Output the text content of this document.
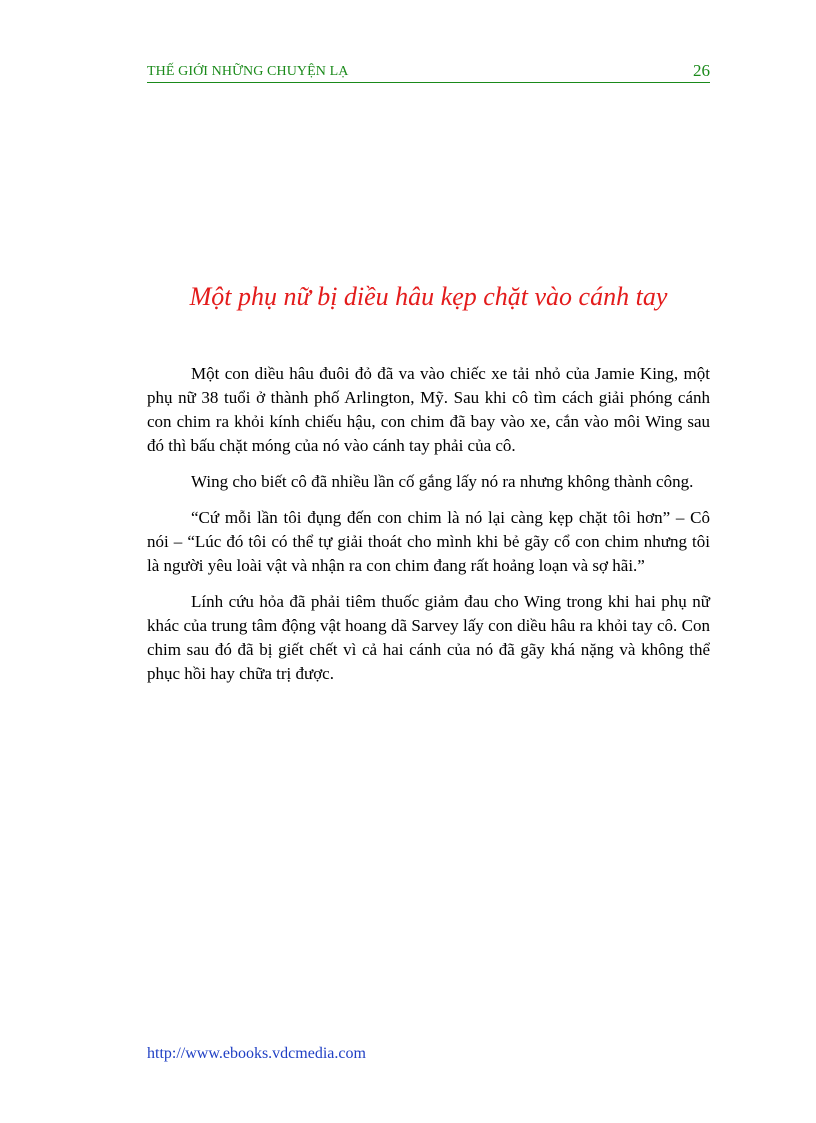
THẾ GIỚI NHỮNG CHUYỆN LẠ	26
Một phụ nữ bị diều hâu kẹp chặt vào cánh tay

Một con diều hâu đuôi đỏ đã va vào chiếc xe tải nhỏ của Jamie King, một phụ nữ 38 tuổi ở thành phố Arlington, Mỹ. Sau khi cô tìm cách giải phóng cánh con chim ra khỏi kính chiếu hậu, con chim đã bay vào xe, cắn vào môi Wing sau đó thì bấu chặt móng của nó vào cánh tay phải của cô.

Wing cho biết cô đã nhiều lần cố gắng lấy nó ra nhưng không thành công.

“Cứ mỗi lần tôi đụng đến con chim là nó lại càng kẹp chặt tôi hơn” – Cô nói – “Lúc đó tôi có thể tự giải thoát cho mình khi bẻ gãy cổ con chim nhưng tôi là người yêu loài vật và nhận ra con chim đang rất hoảng loạn và sợ hãi.”

Lính cứu hỏa đã phải tiêm thuốc giảm đau cho Wing trong khi hai phụ nữ khác của trung tâm động vật hoang dã Sarvey lấy con diều hâu ra khỏi tay cô. Con chim sau đó đã bị giết chết vì cả hai cánh của nó đã gãy khá nặng và không thể phục hồi hay chữa trị được.

http://www.ebooks.vdcmedia.com
